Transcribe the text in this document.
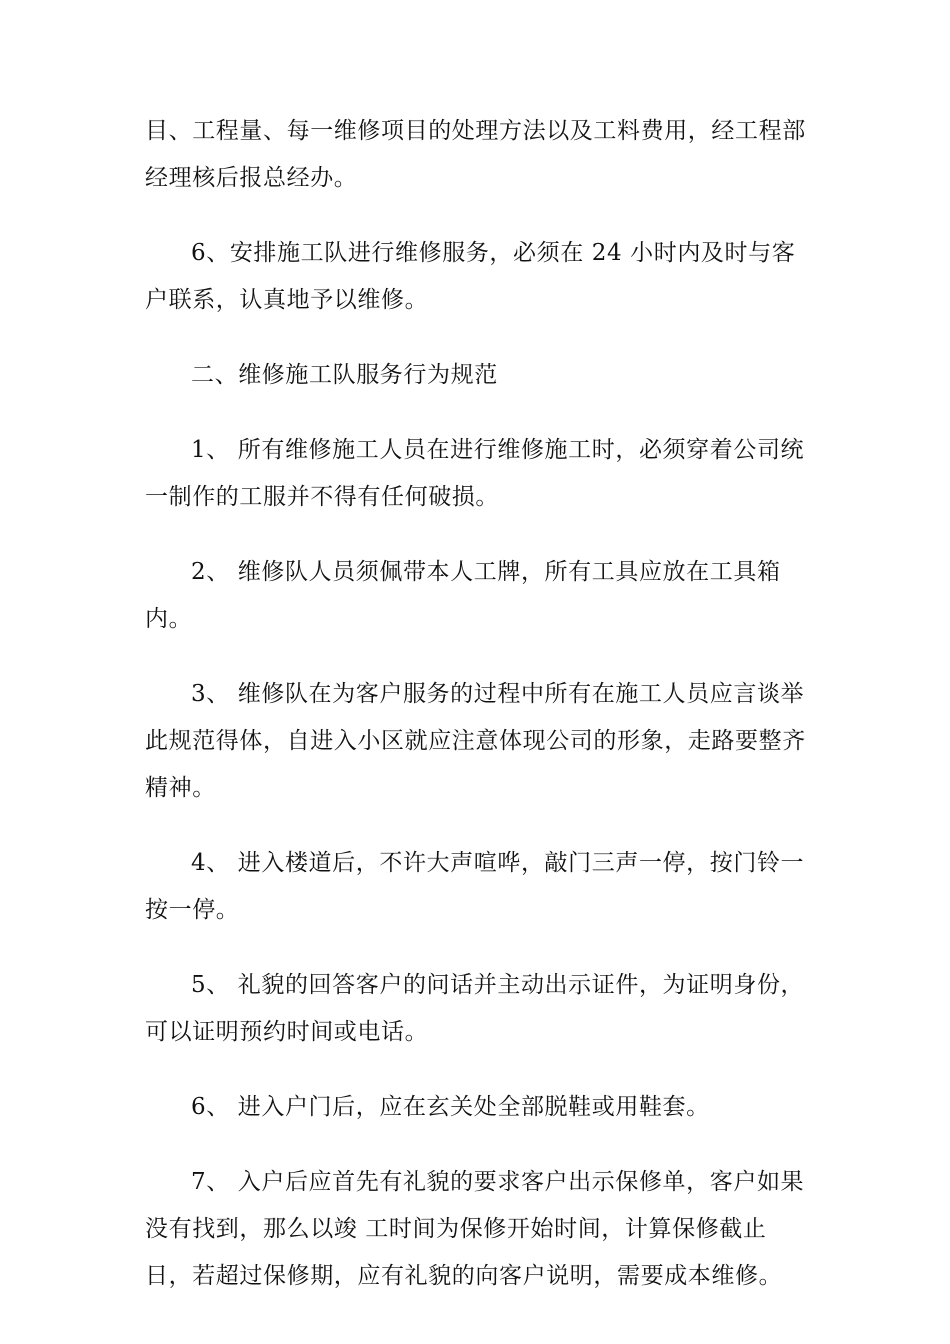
目、工程量、每一维修项目的处理方法以及工料费用，经工程部经理核后报总经办。

6、安排施工队进行维修服务，必须在 24 小时内及时与客户联系，认真地予以维修。

二、维修施工队服务行为规范

1、 所有维修施工人员在进行维修施工时，必须穿着公司统一制作的工服并不得有任何破损。

2、 维修队人员须佩带本人工牌，所有工具应放在工具箱内。

3、 维修队在为客户服务的过程中所有在施工人员应言谈举此规范得体，自进入小区就应注意体现公司的形象，走路要整齐精神。

4、 进入楼道后，不许大声喧哗，敲门三声一停，按门铃一按一停。

5、 礼貌的回答客户的问话并主动出示证件，为证明身份，可以证明预约时间或电话。

6、 进入户门后，应在玄关处全部脱鞋或用鞋套。

7、 入户后应首先有礼貌的要求客户出示保修单，客户如果没有找到，那么以竣 工时间为保修开始时间，计算保修截止日，若超过保修期，应有礼貌的向客户说明，需要成本维修。
